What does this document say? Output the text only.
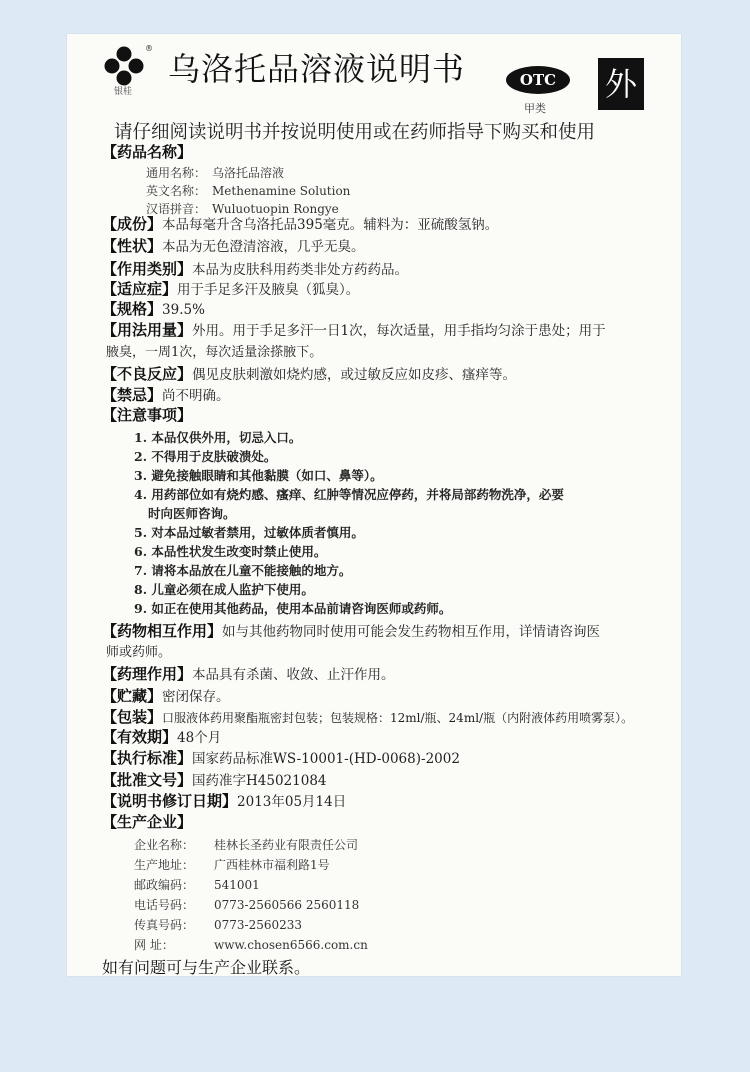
®
银桂
乌洛托品溶液说明书	OTC
甲类
外
请仔细阅读说明书并按说明使用或在药师指导下购买和使用
【药品名称】
通用名称： 乌洛托品溶液
英文名称： Methenamine Solution
汉语拼音： Wuluotuopin Rongye
【成份】本品每毫升含乌洛托品395毫克。辅料为：亚硫酸氢钠。
【性状】本品为无色澄清溶液，几乎无臭。
【作用类别】本品为皮肤科用药类非处方药药品。
【适应症】用于手足多汗及腋臭（狐臭）。
【规格】39.5%
【用法用量】外用。用于手足多汗一日1次，每次适量，用手指均匀涂于患处；用于
腋臭，一周1次，每次适量涂搽腋下。
【不良反应】偶见皮肤刺激如烧灼感，或过敏反应如皮疹、瘙痒等。
【禁忌】尚不明确。
【注意事项】
1. 本品仅供外用，切忌入口。
2. 不得用于皮肤破溃处。
3. 避免接触眼睛和其他黏膜（如口、鼻等）。
4. 用药部位如有烧灼感、瘙痒、红肿等情况应停药，并将局部药物洗净，必要
时向医师咨询。
5. 对本品过敏者禁用，过敏体质者慎用。
6. 本品性状发生改变时禁止使用。
7. 请将本品放在儿童不能接触的地方。
8. 儿童必须在成人监护下使用。
9. 如正在使用其他药品，使用本品前请咨询医师或药师。
【药物相互作用】如与其他药物同时使用可能会发生药物相互作用，详情请咨询医
师或药师。
【药理作用】本品具有杀菌、收敛、止汗作用。
【贮藏】密闭保存。
【包装】口服液体药用聚酯瓶密封包装；包装规格：12ml/瓶、24ml/瓶（内附液体药用喷雾泵）。
【有效期】48个月
【执行标准】国家药品标准WS-10001-(HD-0068)-2002
【批准文号】国药准字H45021084
【说明书修订日期】2013年05月14日
【生产企业】
企业名称： 桂林长圣药业有限责任公司
生产地址： 广西桂林市福利路1号
邮政编码： 541001
电话号码： 0773-2560566 2560118
传真号码： 0773-2560233
网 址：	www.chosen6566.com.cn
如有问题可与生产企业联系。
